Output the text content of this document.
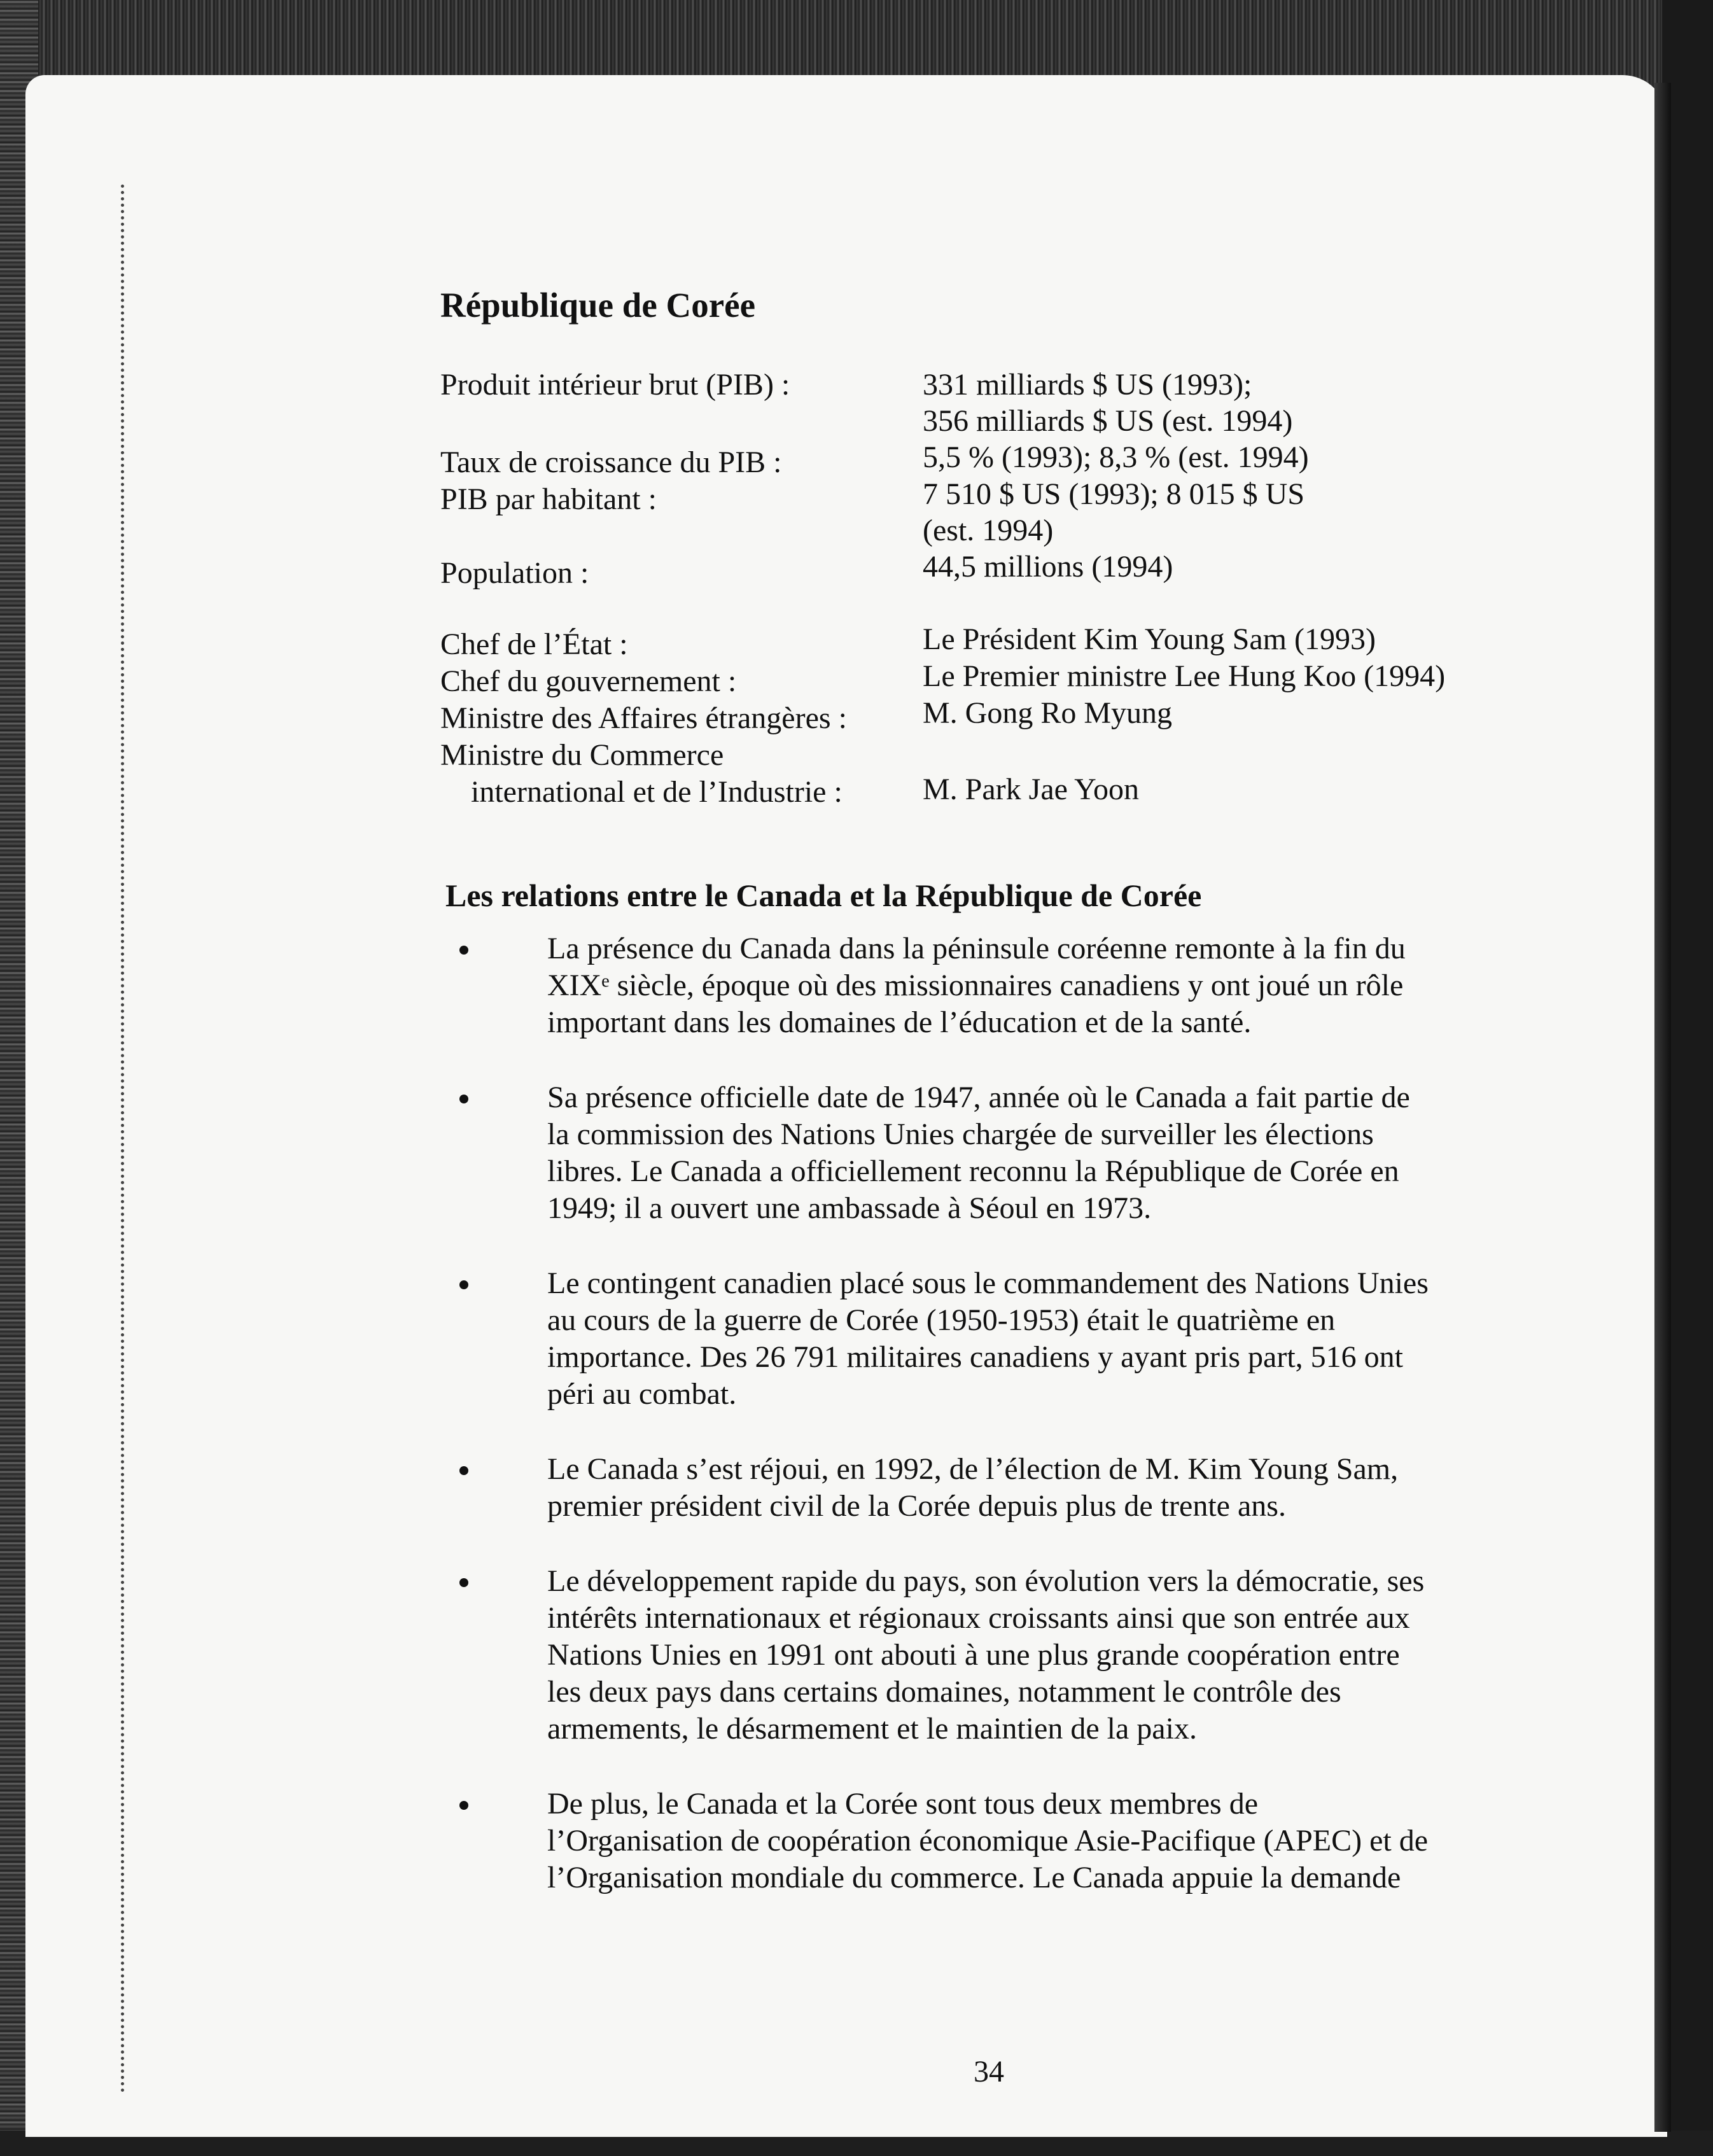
République de Corée
Produit intérieur brut (PIB) :	331 milliards $ US (1993);
356 milliards $ US (est. 1994)
Taux de croissance du PIB :	5,5 % (1993); 8,3 % (est. 1994)
PIB par habitant :	7 510 $ US (1993); 8 015 $ US
(est. 1994)
Population :	44,5 millions (1994)
Chef de l’État :	Le Président Kim Young Sam (1993)
Chef du gouvernement :	Le Premier ministre Lee Hung Koo (1994)
Ministre des Affaires étrangères : M. Gong Ro Myung
Ministre du Commerce
international et de l’Industrie :	M. Park Jae Yoon
Les relations entre le Canada et la République de Corée
La présence du Canada dans la péninsule coréenne remonte à la fin du
XIXᵉ siècle, époque où des missionnaires canadiens y ont joué un rôle
important dans les domaines de l’éducation et de la santé.
Sa présence officielle date de 1947, année où le Canada a fait partie de
la commission des Nations Unies chargée de surveiller les élections
libres. Le Canada a officiellement reconnu la République de Corée en
1949; il a ouvert une ambassade à Séoul en 1973.
Le contingent canadien placé sous le commandement des Nations Unies
au cours de la guerre de Corée (1950-1953) était le quatrième en
importance. Des 26 791 militaires canadiens y ayant pris part, 516 ont
péri au combat.
Le Canada s’est réjoui, en 1992, de l’élection de M. Kim Young Sam,
premier président civil de la Corée depuis plus de trente ans.
Le développement rapide du pays, son évolution vers la démocratie, ses
intérêts internationaux et régionaux croissants ainsi que son entrée aux
Nations Unies en 1991 ont abouti à une plus grande coopération entre
les deux pays dans certains domaines, notamment le contrôle des
armements, le désarmement et le maintien de la paix.
De plus, le Canada et la Corée sont tous deux membres de
l’Organisation de coopération économique Asie-Pacifique (APEC) et de
l’Organisation mondiale du commerce. Le Canada appuie la demande
34
